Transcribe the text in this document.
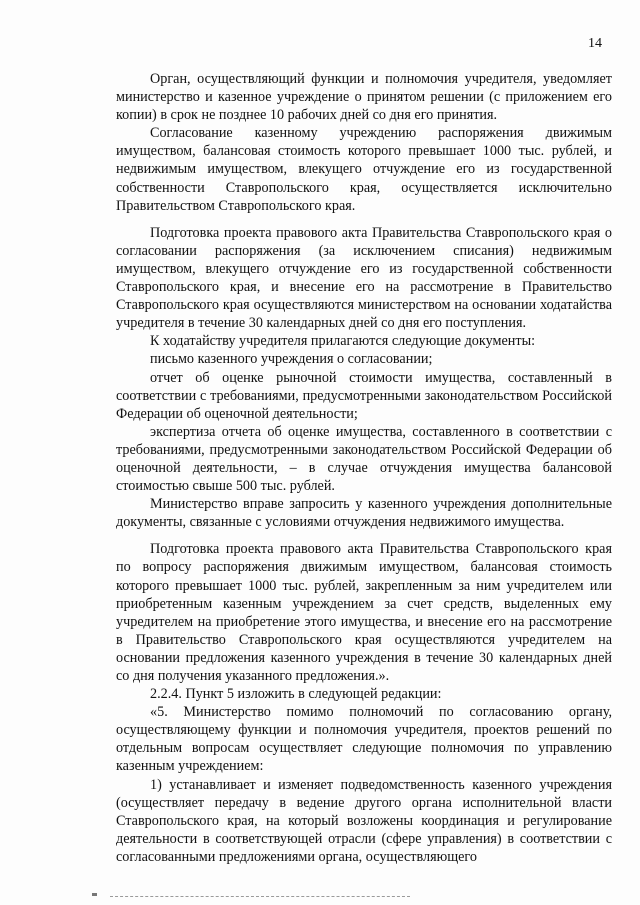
14

Орган, осуществляющий функции и полномочия учредителя, уведомляет министерство и казенное учреждение о принятом решении (с приложением его копии) в срок не позднее 10 рабочих дней со дня его принятия.

Согласование казенному учреждению распоряжения движимым имуществом, балансовая стоимость которого превышает 1000 тыс. рублей, и недвижимым имуществом, влекущего отчуждение его из государственной собственности Ставропольского края, осуществляется исключительно Правительством Ставропольского края.

Подготовка проекта правового акта Правительства Ставропольского края о согласовании распоряжения (за исключением списания) недвижимым имуществом, влекущего отчуждение его из государственной собственности Ставропольского края, и внесение его на рассмотрение в Правительство Ставропольского края осуществляются министерством на основании ходатайства учредителя в течение 30 календарных дней со дня его поступления.

К ходатайству учредителя прилагаются следующие документы:

письмо казенного учреждения о согласовании;

отчет об оценке рыночной стоимости имущества, составленный в соответствии с требованиями, предусмотренными законодательством Российской Федерации об оценочной деятельности;

экспертиза отчета об оценке имущества, составленного в соответствии с требованиями, предусмотренными законодательством Российской Федерации об оценочной деятельности, – в случае отчуждения имущества балансовой стоимостью свыше 500 тыс. рублей.

Министерство вправе запросить у казенного учреждения дополнительные документы, связанные с условиями отчуждения недвижимого имущества.

Подготовка проекта правового акта Правительства Ставропольского края по вопросу распоряжения движимым имуществом, балансовая стоимость которого превышает 1000 тыс. рублей, закрепленным за ним учредителем или приобретенным казенным учреждением за счет средств, выделенных ему учредителем на приобретение этого имущества, и внесение его на рассмотрение в Правительство Ставропольского края осуществляются учредителем на основании предложения казенного учреждения в течение 30 календарных дней со дня получения указанного предложения.».

2.2.4. Пункт 5 изложить в следующей редакции:

«5. Министерство помимо полномочий по согласованию органу, осуществляющему функции и полномочия учредителя, проектов решений по отдельным вопросам осуществляет следующие полномочия по управлению казенным учреждением:

1) устанавливает и изменяет подведомственность казенного учреждения (осуществляет передачу в ведение другого органа исполнительной власти Ставропольского края, на который возложены координация и регулирование деятельности в соответствующей отрасли (сфере управления) в соответствии с согласованными предложениями органа, осуществляющего
